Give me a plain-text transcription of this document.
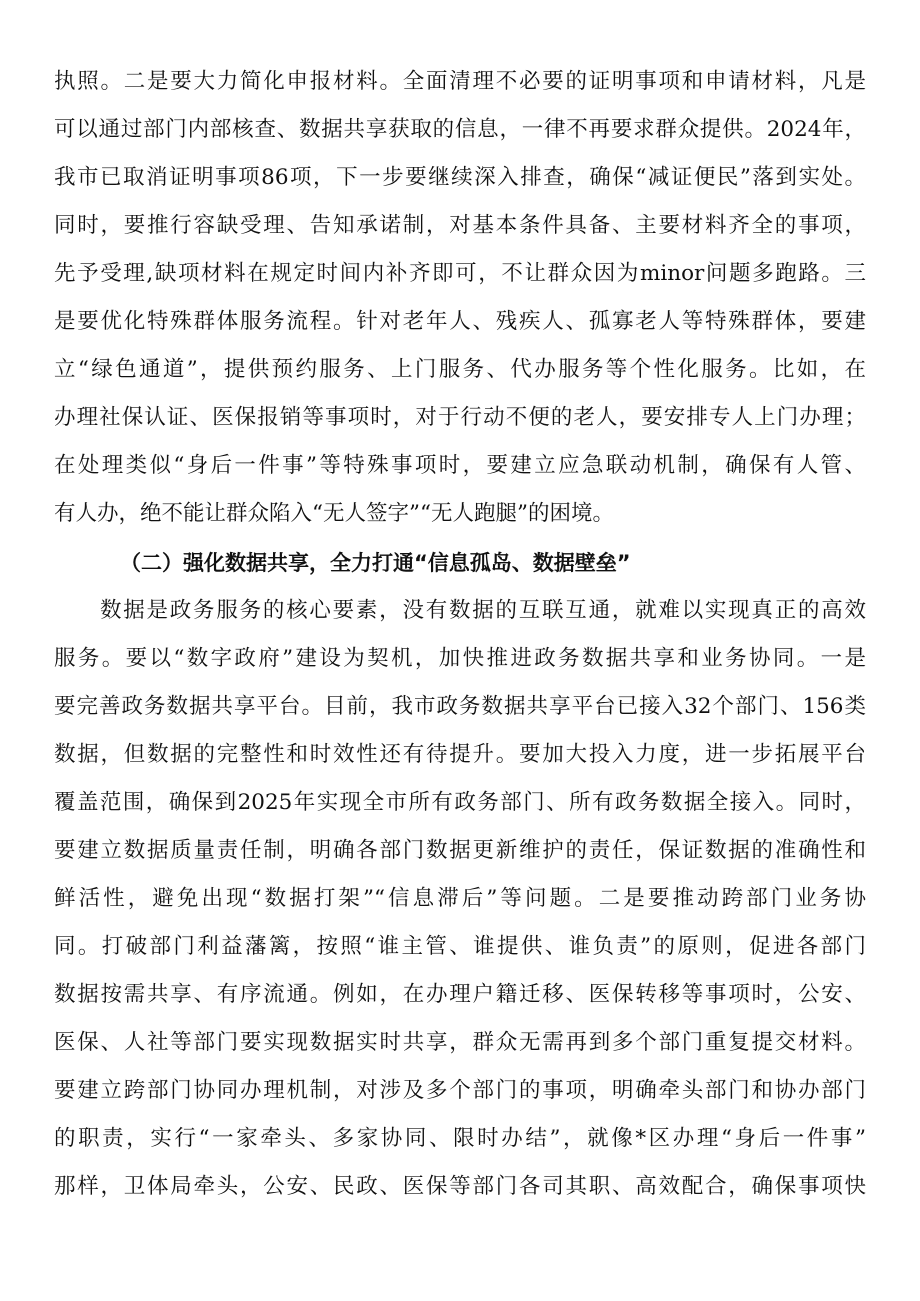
执照。二是要大力简化申报材料。全面清理不必要的证明事项和申请材料，凡是
可以通过部门内部核查、数据共享获取的信息，一律不再要求群众提供。2024年，
我市已取消证明事项86项，下一步要继续深入排查，确保“减证便民”落到实处。
同时，要推行容缺受理、告知承诺制，对基本条件具备、主要材料齐全的事项，
先予受理,缺项材料在规定时间内补齐即可，不让群众因为minor问题多跑路。三
是要优化特殊群体服务流程。针对老年人、残疾人、孤寡老人等特殊群体，要建
立“绿色通道”，提供预约服务、上门服务、代办服务等个性化服务。比如，在
办理社保认证、医保报销等事项时，对于行动不便的老人，要安排专人上门办理；
在处理类似“身后一件事”等特殊事项时，要建立应急联动机制，确保有人管、
有人办，绝不能让群众陷入“无人签字”“无人跑腿”的困境。
（二）强化数据共享，全力打通“信息孤岛、数据壁垒”
数据是政务服务的核心要素，没有数据的互联互通，就难以实现真正的高效
服务。要以“数字政府”建设为契机，加快推进政务数据共享和业务协同。一是
要完善政务数据共享平台。目前，我市政务数据共享平台已接入32个部门、156类
数据，但数据的完整性和时效性还有待提升。要加大投入力度，进一步拓展平台
覆盖范围，确保到2025年实现全市所有政务部门、所有政务数据全接入。同时，
要建立数据质量责任制，明确各部门数据更新维护的责任，保证数据的准确性和
鲜活性，避免出现“数据打架”“信息滞后”等问题。二是要推动跨部门业务协
同。打破部门利益藩篱，按照“谁主管、谁提供、谁负责”的原则，促进各部门
数据按需共享、有序流通。例如，在办理户籍迁移、医保转移等事项时，公安、
医保、人社等部门要实现数据实时共享，群众无需再到多个部门重复提交材料。
要建立跨部门协同办理机制，对涉及多个部门的事项，明确牵头部门和协办部门
的职责，实行“一家牵头、多家协同、限时办结”，就像*区办理“身后一件事”
那样，卫体局牵头，公安、民政、医保等部门各司其职、高效配合，确保事项快
